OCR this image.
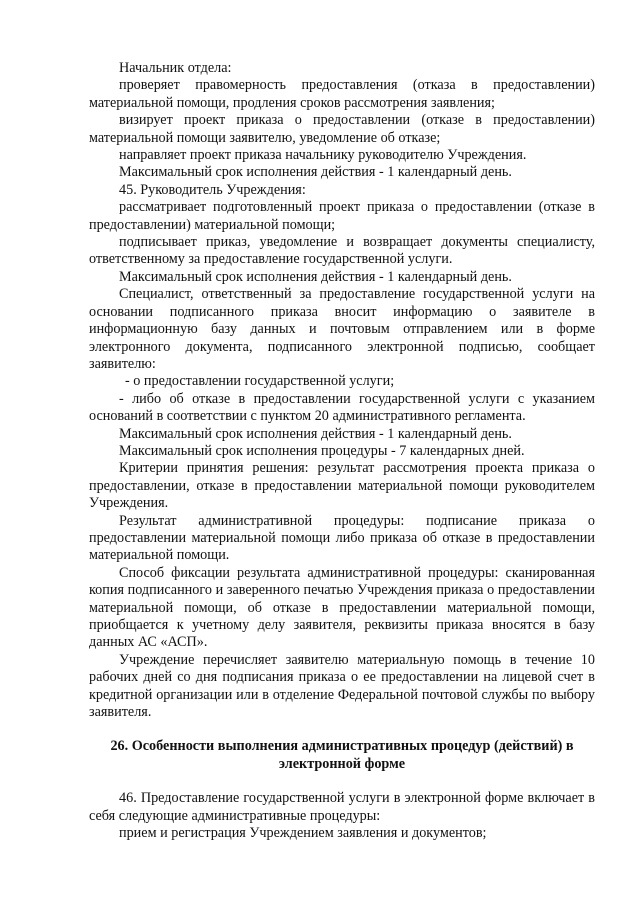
Начальник отдела:

проверяет правомерность предоставления (отказа в предоставлении) материальной помощи, продления сроков рассмотрения заявления;

визирует проект приказа о предоставлении (отказе в предоставлении) материальной помощи заявителю, уведомление об отказе;

направляет проект приказа начальнику руководителю Учреждения.

Максимальный срок исполнения действия - 1 календарный день.

45. Руководитель Учреждения:

рассматривает подготовленный проект приказа о предоставлении (отказе в предоставлении) материальной помощи;

подписывает приказ, уведомление и возвращает документы специалисту, ответственному за предоставление государственной услуги.

Максимальный срок исполнения действия - 1 календарный день.

Специалист, ответственный за предоставление государственной услуги на основании подписанного приказа вносит информацию о заявителе в информационную базу данных и почтовым отправлением или в форме электронного документа, подписанного электронной подписью, сообщает заявителю:

- о предоставлении государственной услуги;

- либо об отказе в предоставлении государственной услуги с указанием оснований в соответствии с пунктом 20 административного регламента.

Максимальный срок исполнения действия - 1 календарный день.

Максимальный срок исполнения процедуры - 7 календарных дней.

Критерии принятия решения: результат рассмотрения проекта приказа о предоставлении, отказе в предоставлении материальной помощи руководителем Учреждения.

Результат административной процедуры: подписание приказа о предоставлении материальной помощи либо приказа об отказе в предоставлении материальной помощи.

Способ фиксации результата административной процедуры: сканированная копия подписанного и заверенного печатью Учреждения приказа о предоставлении материальной помощи, об отказе в предоставлении материальной помощи, приобщается к учетному делу заявителя, реквизиты приказа вносятся в базу данных АС «АСП».

Учреждение перечисляет заявителю материальную помощь в течение 10 рабочих дней со дня подписания приказа о ее предоставлении на лицевой счет в кредитной организации или в отделение Федеральной почтовой службы по выбору заявителя.

26. Особенности выполнения административных процедур (действий) в электронной форме

46. Предоставление государственной услуги в электронной форме включает в себя следующие административные процедуры:

прием и регистрация Учреждением заявления и документов;
